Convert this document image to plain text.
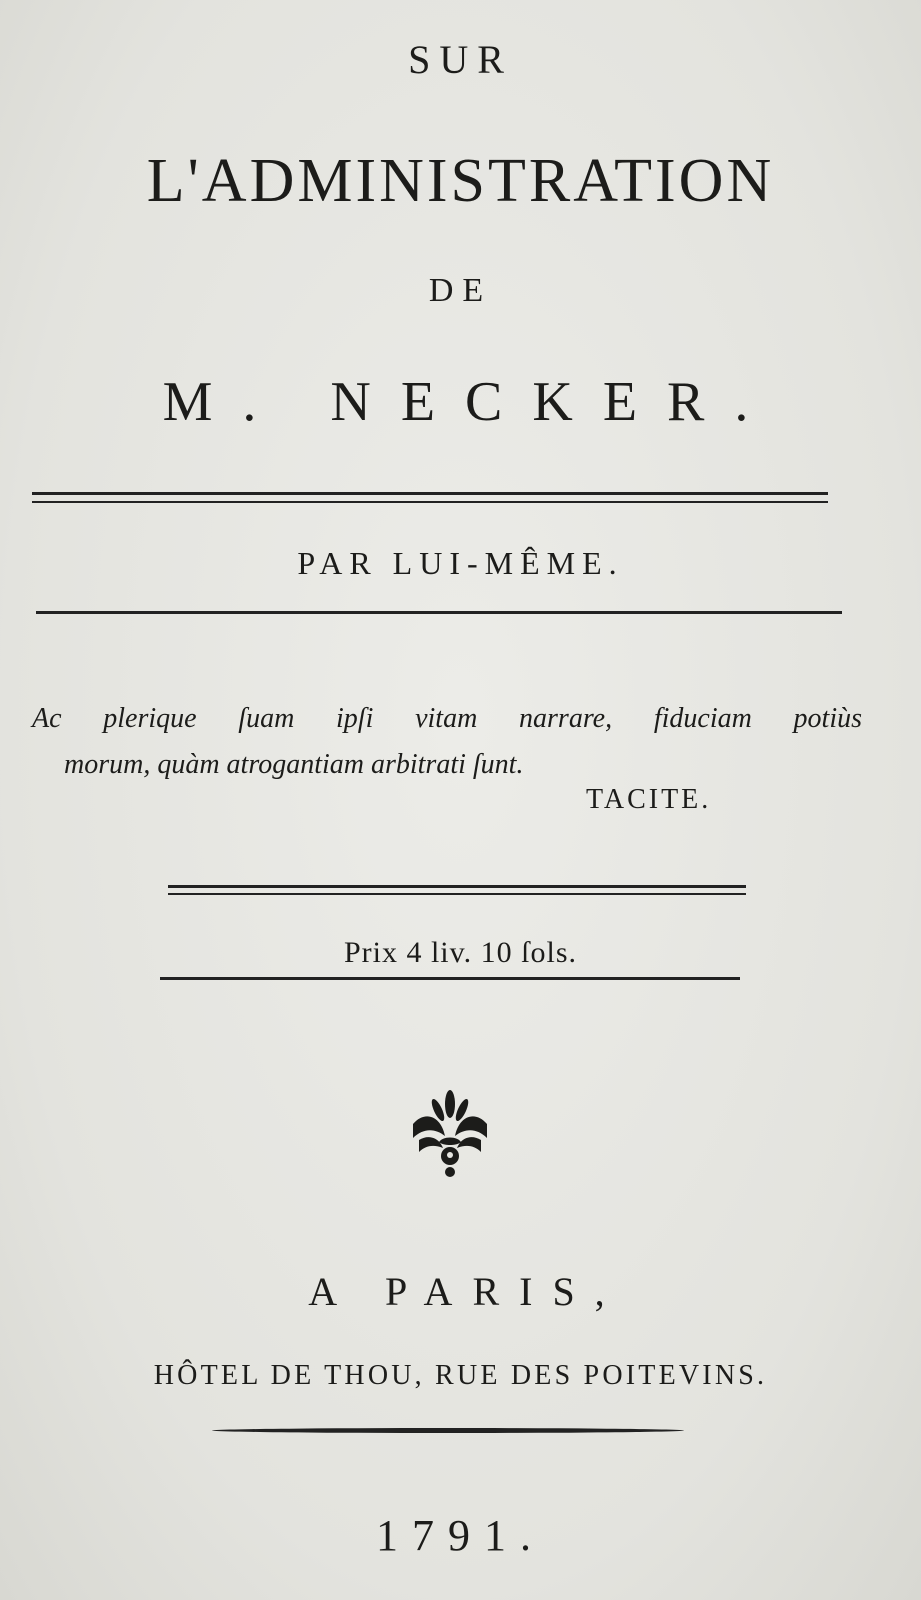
SUR

L'ADMINISTRATION

DE

M. NECKER.

PAR LUI-MÊME.

Ac plerique ſuam ipſi vitam narrare, fiduciam potiùs
morum, quàm atrogantiam arbitrati ſunt.
TACITE.

Prix 4 liv. 10 ſols.

A PARIS,

HÔTEL DE THOU, RUE DES POITEVINS.

1791.
